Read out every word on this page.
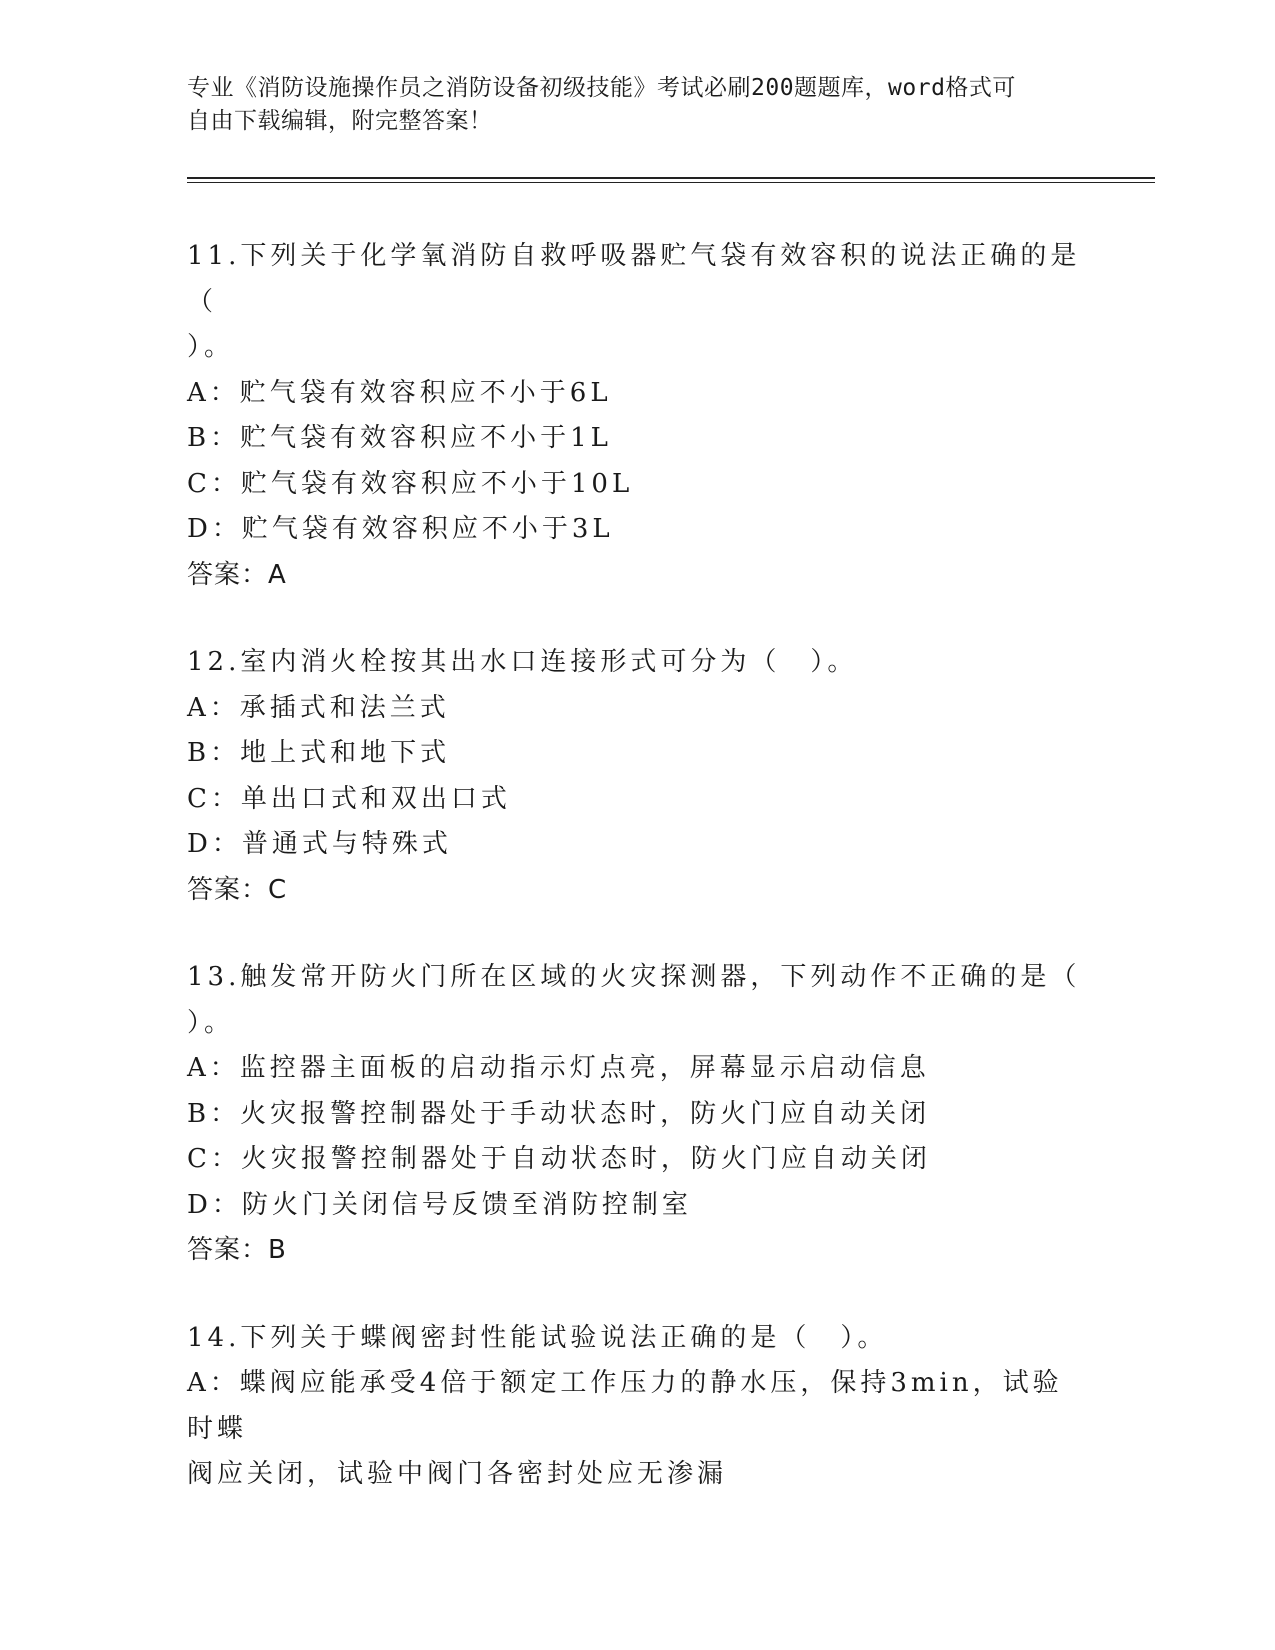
专业《消防设施操作员之消防设备初级技能》考试必刷200题题库，word格式可
自由下载编辑，附完整答案！
11.下列关于化学氧消防自救呼吸器贮气袋有效容积的说法正确的是（
）。
A：贮气袋有效容积应不小于6L
B：贮气袋有效容积应不小于1L
C：贮气袋有效容积应不小于10L
D：贮气袋有效容积应不小于3L
答案：A
12.室内消火栓按其出水口连接形式可分为（　）。
A：承插式和法兰式
B：地上式和地下式
C：单出口式和双出口式
D：普通式与特殊式
答案：C
13.触发常开防火门所在区域的火灾探测器，下列动作不正确的是（
）。
A：监控器主面板的启动指示灯点亮，屏幕显示启动信息
B：火灾报警控制器处于手动状态时，防火门应自动关闭
C：火灾报警控制器处于自动状态时，防火门应自动关闭
D：防火门关闭信号反馈至消防控制室
答案：B
14.下列关于蝶阀密封性能试验说法正确的是（　）。
A：蝶阀应能承受4倍于额定工作压力的静水压，保持3min，试验时蝶
阀应关闭，试验中阀门各密封处应无渗漏
